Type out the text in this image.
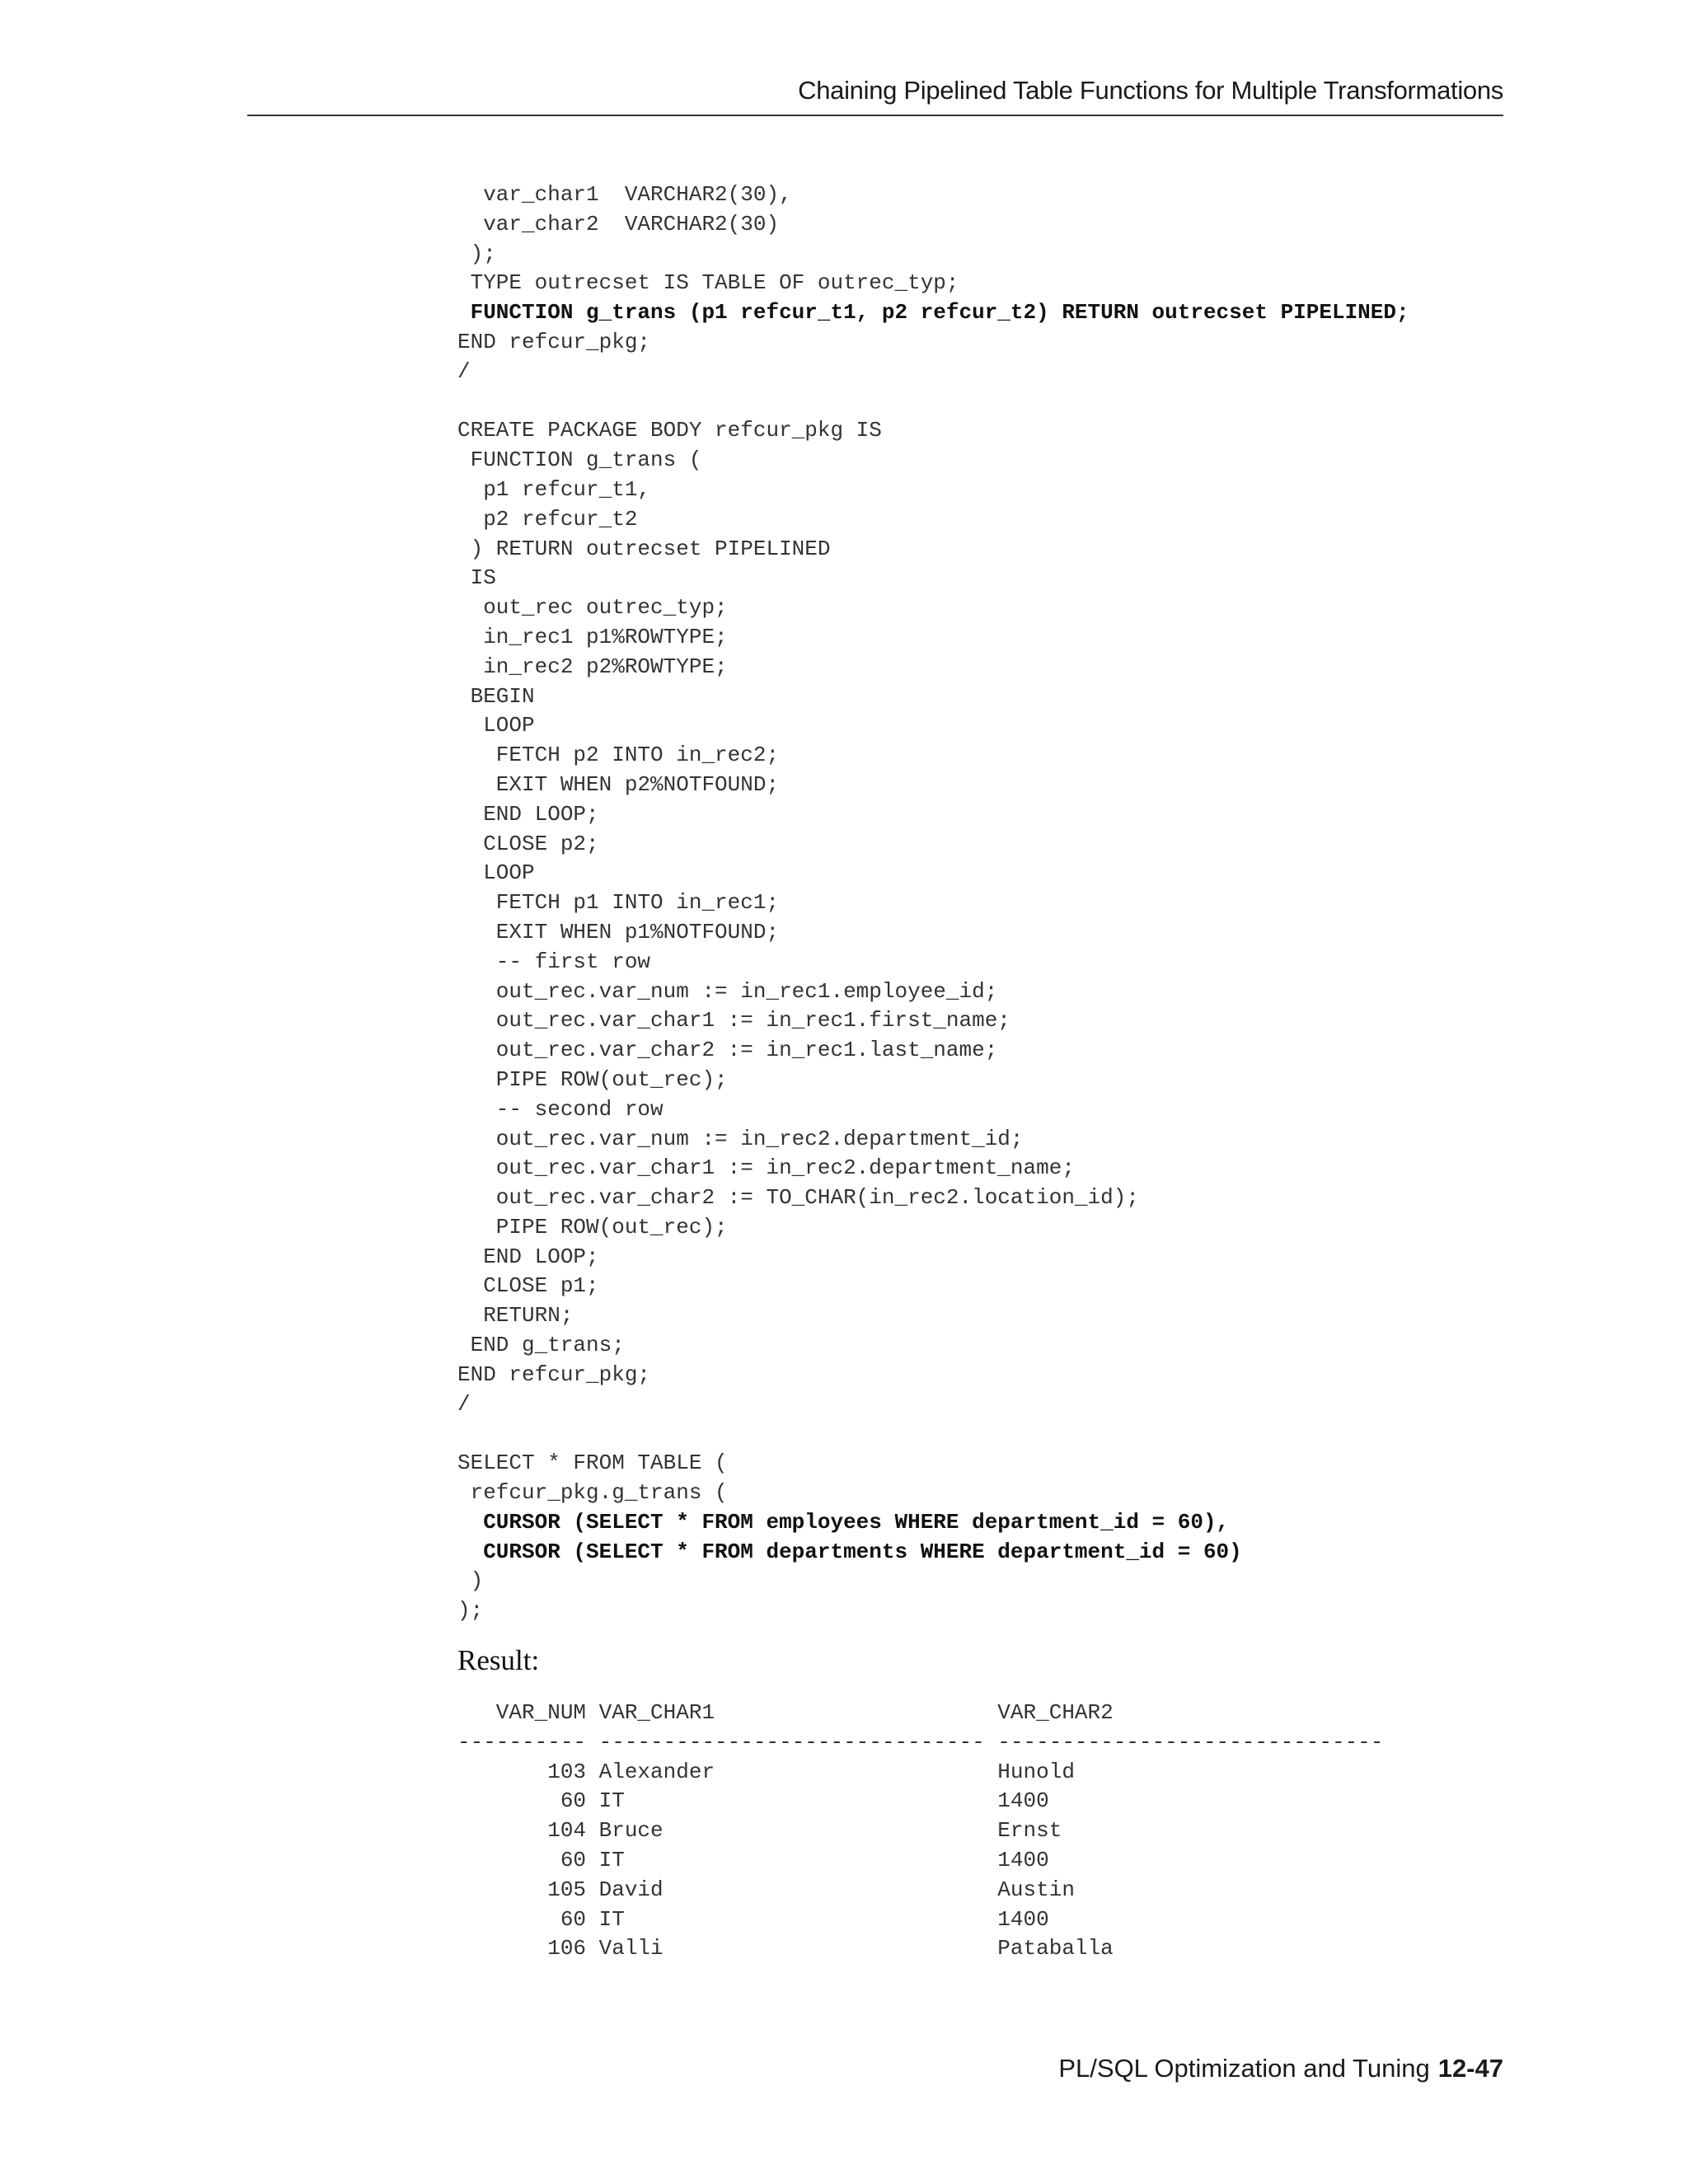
Chaining Pipelined Table Functions for Multiple Transformations
var_char1  VARCHAR2(30),
var_char2  VARCHAR2(30)
);
TYPE outrecset IS TABLE OF outrec_typ;
FUNCTION g_trans (p1 refcur_t1, p2 refcur_t2) RETURN outrecset PIPELINED;
END refcur_pkg;
/
CREATE PACKAGE BODY refcur_pkg IS
FUNCTION g_trans (
p1 refcur_t1,
p2 refcur_t2
) RETURN outrecset PIPELINED
IS
out_rec outrec_typ;
in_rec1 p1%ROWTYPE;
in_rec2 p2%ROWTYPE;
BEGIN
LOOP
FETCH p2 INTO in_rec2;
EXIT WHEN p2%NOTFOUND;
END LOOP;
CLOSE p2;
LOOP
FETCH p1 INTO in_rec1;
EXIT WHEN p1%NOTFOUND;
-- first row
out_rec.var_num := in_rec1.employee_id;
out_rec.var_char1 := in_rec1.first_name;
out_rec.var_char2 := in_rec1.last_name;
PIPE ROW(out_rec);
-- second row
out_rec.var_num := in_rec2.department_id;
out_rec.var_char1 := in_rec2.department_name;
out_rec.var_char2 := TO_CHAR(in_rec2.location_id);
PIPE ROW(out_rec);
END LOOP;
CLOSE p1;
RETURN;
END g_trans;
END refcur_pkg;
/
SELECT * FROM TABLE (
refcur_pkg.g_trans (
CURSOR (SELECT * FROM employees WHERE department_id = 60),
CURSOR (SELECT * FROM departments WHERE department_id = 60)
)
);
Result:
VAR_NUM VAR_CHAR1                      VAR_CHAR2
---------- ------------------------------ ------------------------------
103 Alexander                      Hunold
60 IT                             1400
104 Bruce                          Ernst
60 IT                             1400
105 David                          Austin
60 IT                             1400
106 Valli                          Pataballa
PL/SQL Optimization and Tuning 12-47
